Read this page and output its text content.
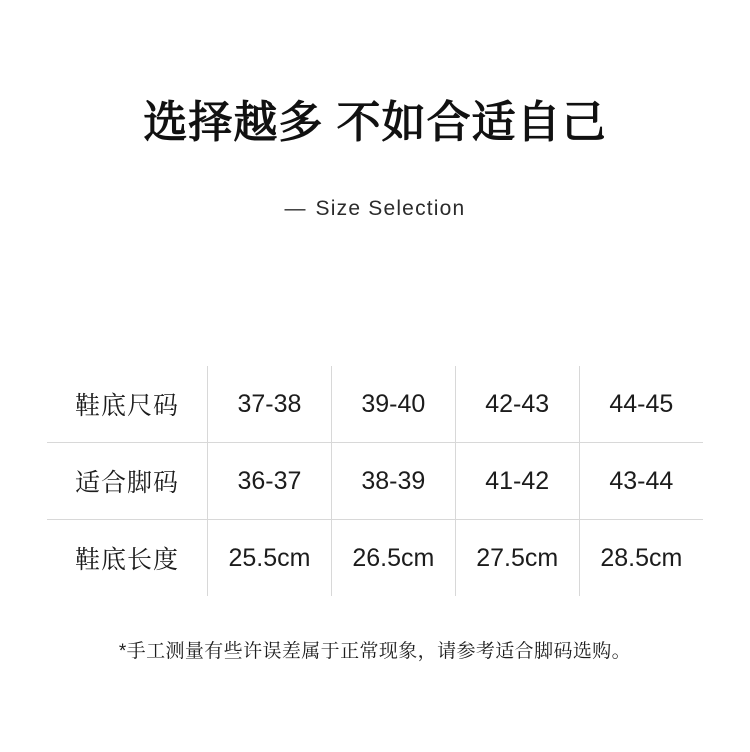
选择越多 不如合适自己
— Size Selection
鞋底尺码	37-38	39-40	42-43	44-45
适合脚码	36-37	38-39	41-42	43-44
鞋底长度	25.5cm	26.5cm	27.5cm	28.5cm
*手工测量有些许误差属于正常现象，请参考适合脚码选购。
